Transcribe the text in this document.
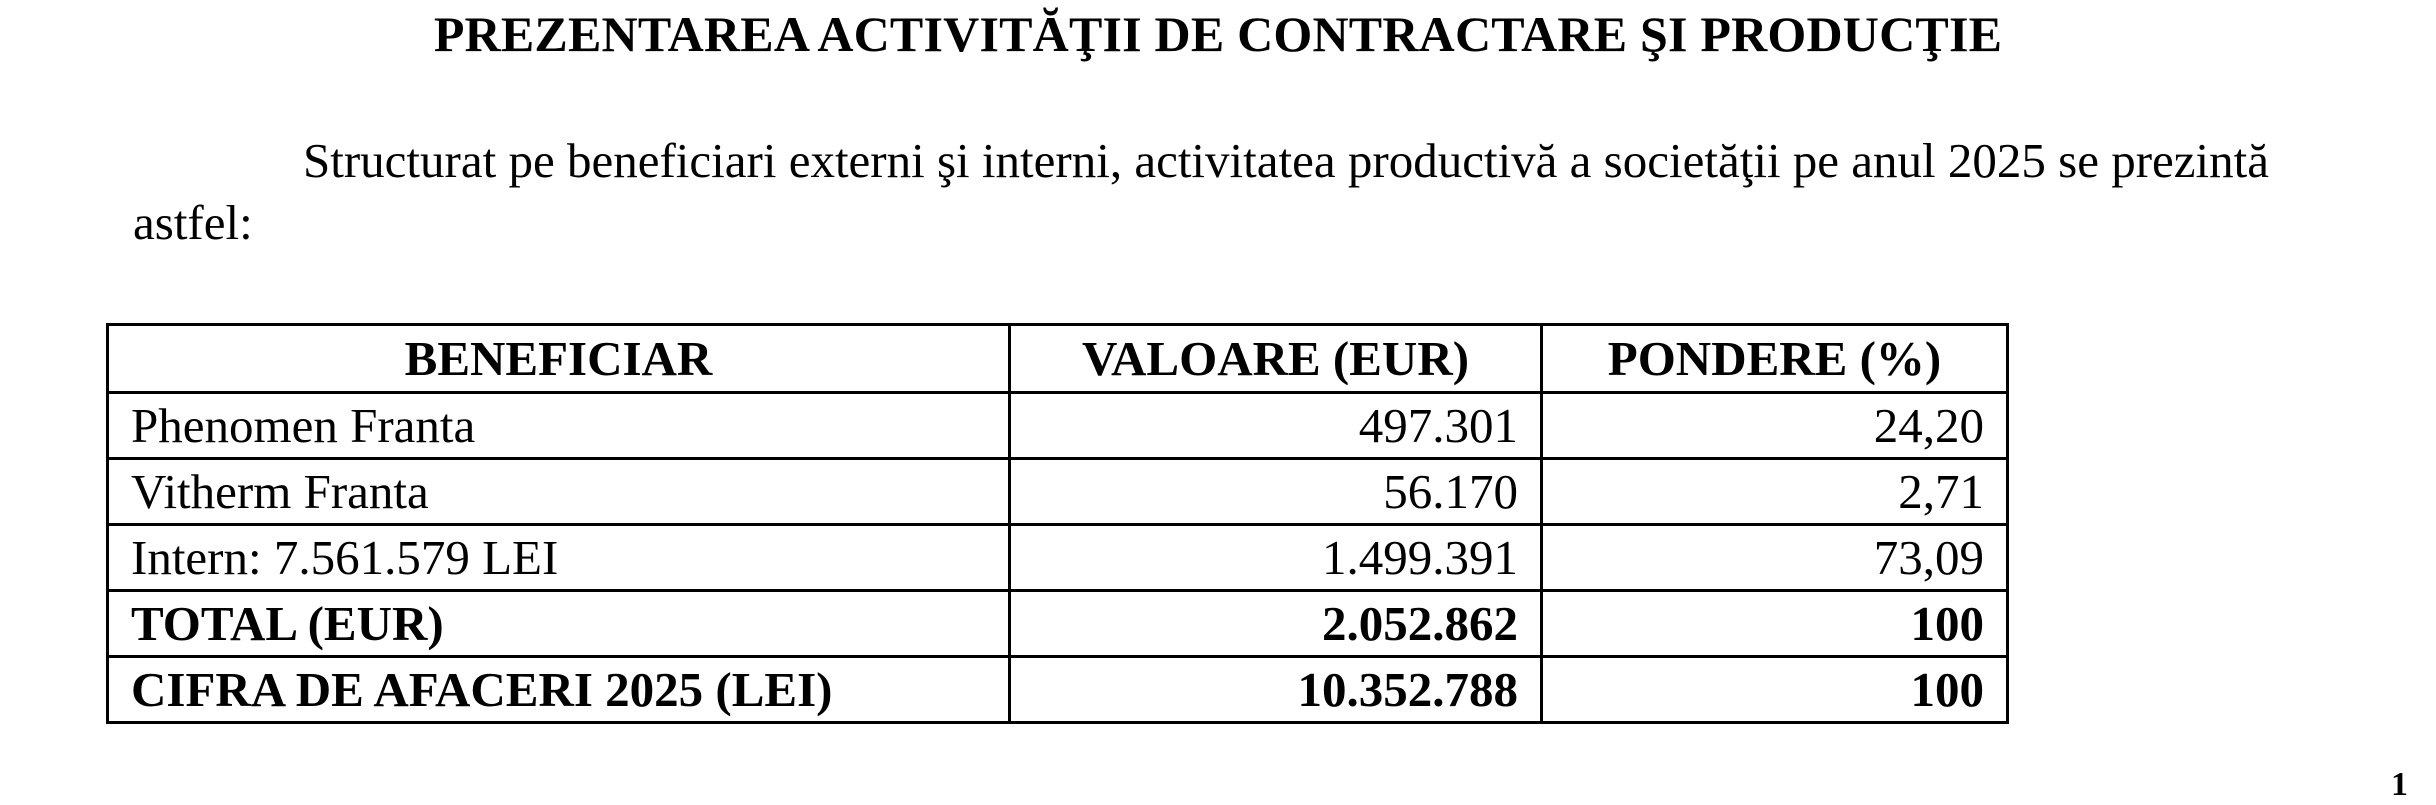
PREZENTAREA ACTIVITĂŢII DE CONTRACTARE ŞI PRODUCŢIE

Structurat pe beneficiari externi şi interni, activitatea productivă a societăţii pe anul 2025 se prezintă astfel:

BENEFICIAR	VALOARE (EUR)	PONDERE (%)
Phenomen Franta	497.301	24,20
Vitherm Franta	56.170	2,71
Intern: 7.561.579 LEI	1.499.391	73,09
TOTAL (EUR)	2.052.862	100
CIFRA DE AFACERI 2025 (LEI)	10.352.788	100

1
